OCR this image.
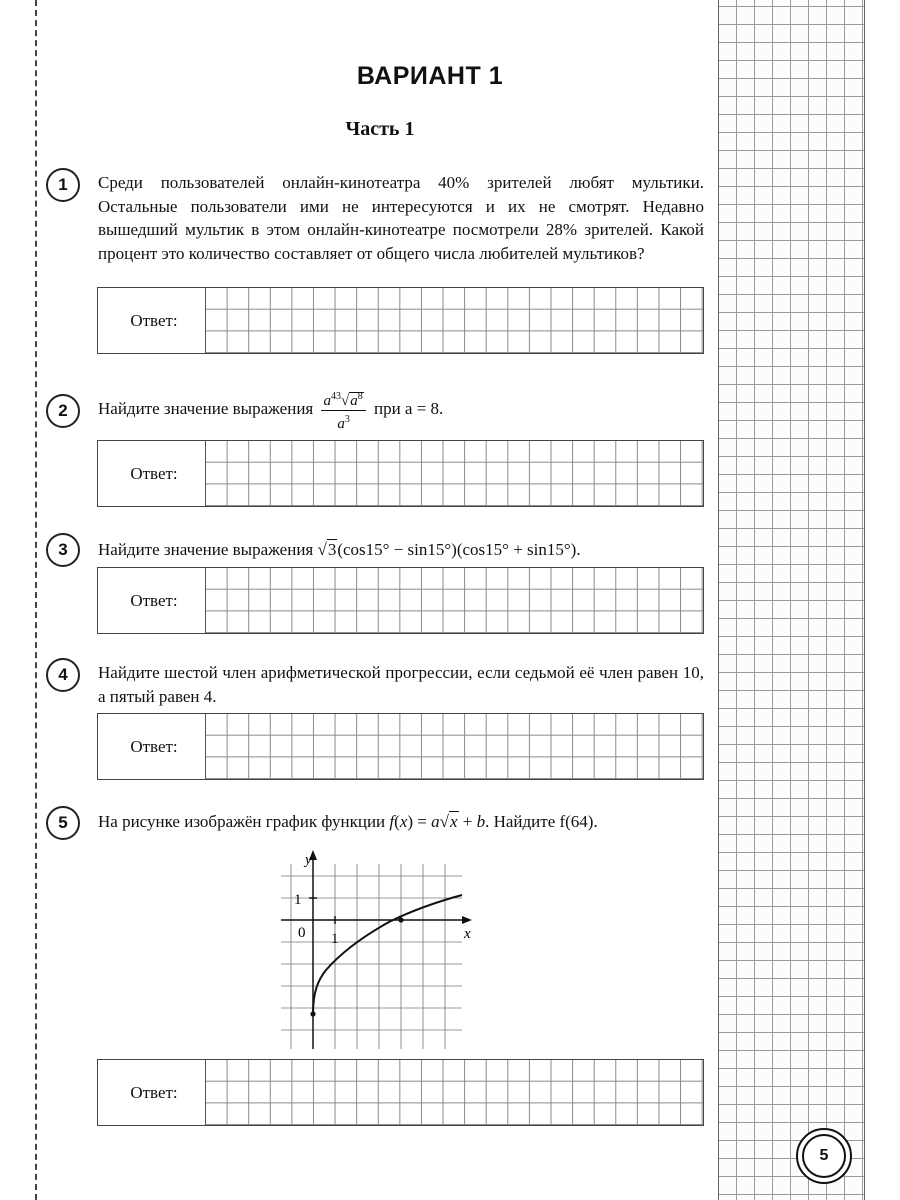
ВАРИАНТ 1
Часть 1
1	Среди пользователей онлайн-кинотеатра 40% зрителей любят мультики. Остальные пользователи ими не интересуются и их не смотрят. Недавно вышедший мультик в этом онлайн-кинотеатре посмотрели 28% зрителей. Какой процент это количество составляет от общего числа любителей мультиков?
Ответ:
2	Найдите значение выражения $\frac{a^{43}√a^8}{a^3}$ при a = 8.
Ответ:
3	Найдите значение выражения √3(cos15° − sin15°)(cos15° + sin15°).
Ответ:
4	Найдите шестой член арифметической прогрессии, если седьмой её член равен 10, а пятый равен 4.
Ответ:
5	На рисунке изображён график функции f(x) = a√x + b. Найдите f(64).
y
x
0 1
1
Ответ:
5
